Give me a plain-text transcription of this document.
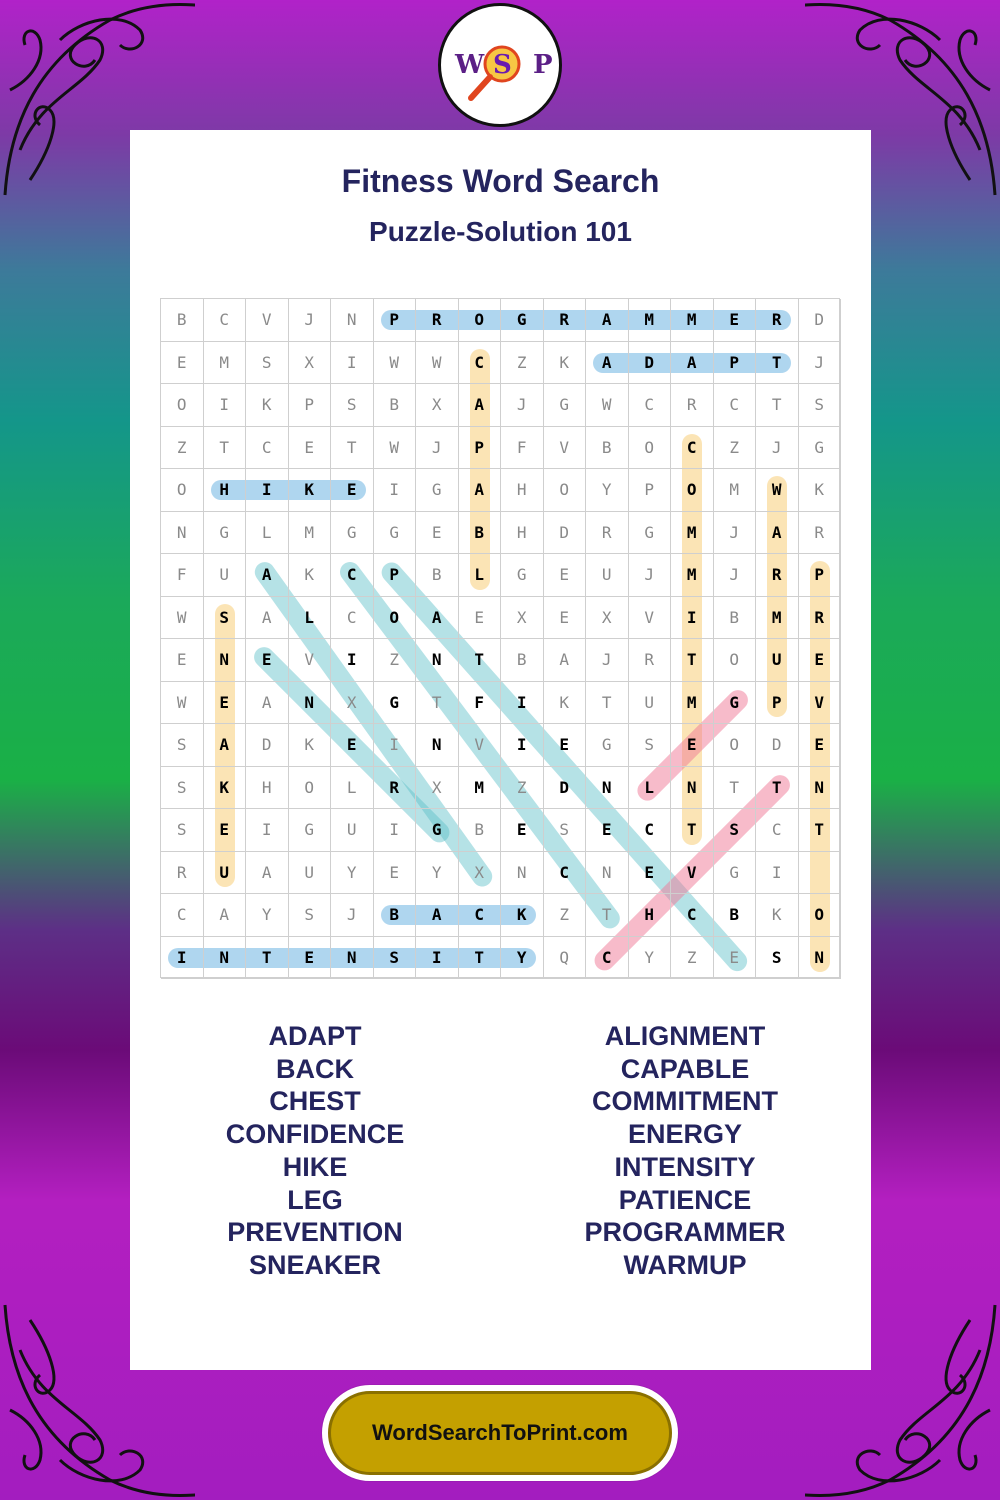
W S P
Fitness Word Search
Puzzle-Solution 101
B	C	V	J	N	P	R	O	G	R	A	M	M	E	R	D
E	M	S	X	I	W	W	C	Z	K	A	D	A	P	T	J
O	I	K	P	S	B	X	A	J	G	W	C	R	C	T	S
Z	T	C	E	T	W	J	P	F	V	B	O	C	Z	J	G
O	H	I	K	E	I	G	A	H	O	Y	P	O	M	W	K
N	G	L	M	G	G	E	B	H	D	R	G	M	J	A	R
F	U	A	K	C	P	B	L	G	E	U	J	M	J	R	P
W	S	A	L	C	O	A	E	X	E	X	V	I	B	M	R
E	N	E	V	I	Z	N	T	B	A	J	R	T	O	U	E
W	E	A	N	X	G	T	F	I	K	T	U	M	G	P	V
S	A	D	K	E	I	N	V	I	E	G	S	E	O	D	E
S	K	H	O	L	R	X	M	Z	D	N	L	N	T	T	N
S	E	I	G	U	I	G	B	E	S	E	C	T	S	C	T
R	U	A	U	Y	E	Y	X	N	C	N	E	V	G	I
C	A	Y	S	J	B	A	C	K	Z	T	H	C	B	K	O
I	N	T	E	N	S	I	T	Y	Q	C	Y	Z	E	S	N
ADAPT
BACK
CHEST
CONFIDENCE
HIKE
LEG
PREVENTION
SNEAKER
ALIGNMENT
CAPABLE
COMMITMENT
ENERGY
INTENSITY
PATIENCE
PROGRAMMER
WARMUP
WordSearchToPrint.com
